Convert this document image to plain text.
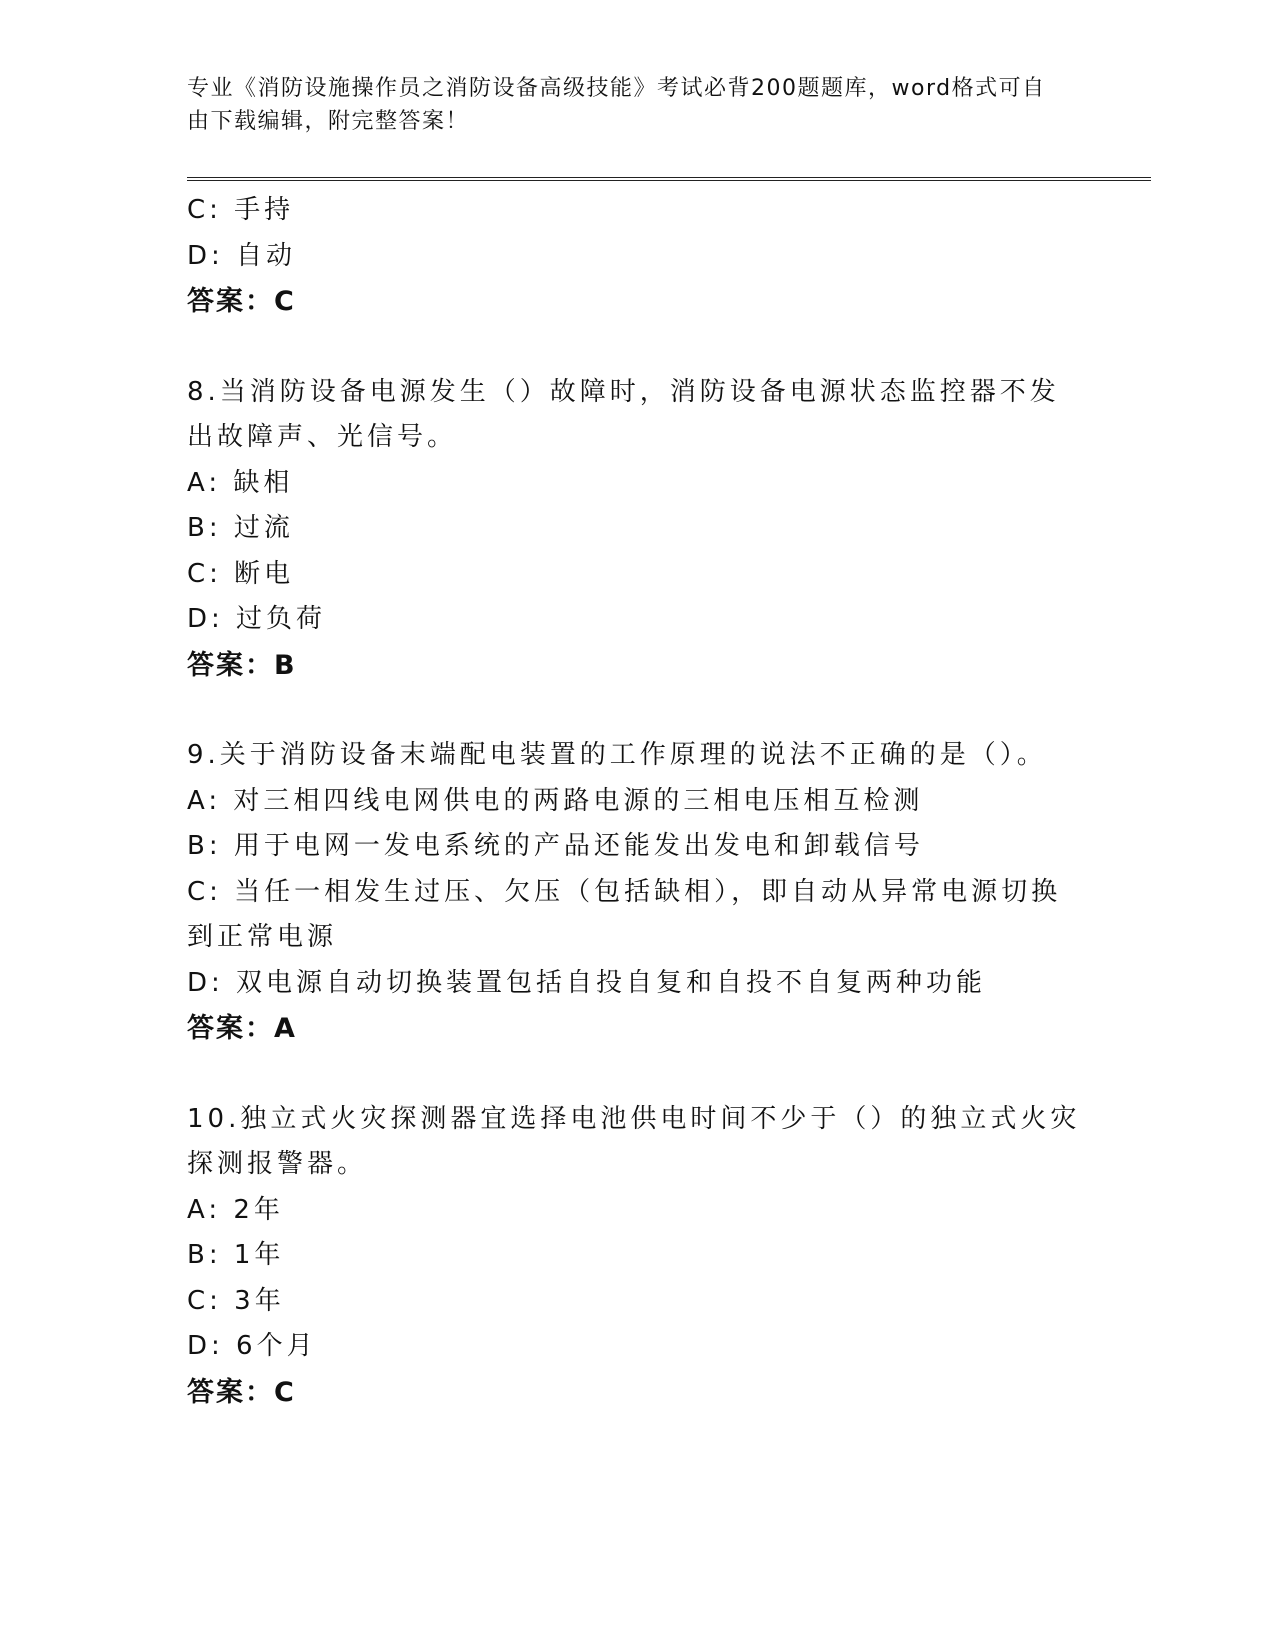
专业《消防设施操作员之消防设备高级技能》考试必背200题题库，word格式可自由下载编辑，附完整答案！
C: 手持
D: 自动
答案：C
8.当消防设备电源发生（）故障时，消防设备电源状态监控器不发出故障声、光信号。
A: 缺相
B: 过流
C: 断电
D: 过负荷
答案：B
9.关于消防设备末端配电装置的工作原理的说法不正确的是（）。
A: 对三相四线电网供电的两路电源的三相电压相互检测
B: 用于电网一发电系统的产品还能发出发电和卸载信号
C: 当任一相发生过压、欠压（包括缺相），即自动从异常电源切换到正常电源
D: 双电源自动切换装置包括自投自复和自投不自复两种功能
答案：A
10.独立式火灾探测器宜选择电池供电时间不少于（）的独立式火灾探测报警器。
A: 2年
B: 1年
C: 3年
D: 6个月
答案：C
